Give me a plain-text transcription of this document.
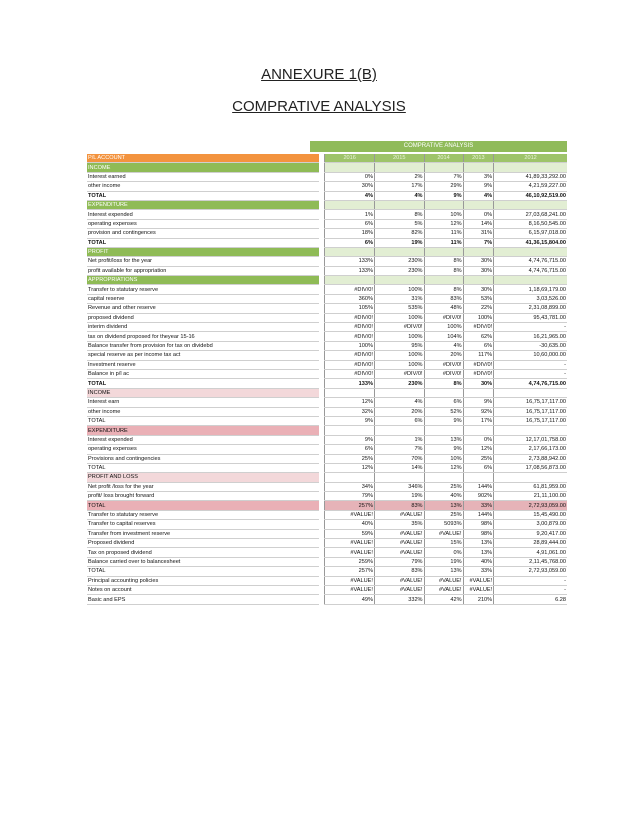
ANNEXURE 1(B)
COMPRATIVE ANALYSIS
COMPRATIVE ANALYSIS
P/L ACCOUNT		2016	2015	2014	2013	2012
INCOME						
Interest earned		0%	2%	7%	3%	41,89,33,292.00
other income		30%	17%	29%	9%	4,21,59,227.00
TOTAL		4%	4%	9%	4%	46,10,92,519.00
EXPENDITURE						
Interest expended		1%	8%	10%	0%	27,03,68,241.00
operating expenses		6%	5%	12%	14%	8,16,50,545.00
provision and contingences		18%	82%	11%	31%	6,15,97,018.00
TOTAL		6%	19%	11%	7%	41,36,15,804.00
PROFIT						
Net profit/loss for the year		133%	230%	8%	30%	4,74,76,715.00
profit available for appropriation		133%	230%	8%	30%	4,74,76,715.00
APPROPRIATIONS						
Transfer to statutary reserve		#DIV/0!	100%	8%	30%	1,18,69,179.00
capital reserve		360%	31%	83%	53%	3,03,526.00
Revenue and other reserve		105%	535%	48%	22%	2,31,08,899.00
proposed dividend		#DIV/0!	100%	#DIV/0!	100%	95,43,781.00
interim dividend		#DIV/0!	#DIV/0!	100%	#DIV/0!	-
tax on dividend proposed for theyear 15-16		#DIV/0!	100%	104%	62%	16,21,965.00
Balance transfer from provision for tax on dividebd		100%	95%	4%	6%	-30,635.00
special reserve as per income tax act		#DIV/0!	100%	20%	117%	10,60,000.00
Investment reserve		#DIV/0!	100%	#DIV/0!	#DIV/0!	-
Balance in p/l ac		#DIV/0!	#DIV/0!	#DIV/0!	#DIV/0!	-
TOTAL		133%	230%	8%	30%	4,74,76,715.00
INCOME						
Interest earn		12%	4%	6%	9%	16,75,17,117.00
other income		32%	20%	52%	92%	16,75,17,117.00
TOTAL		9%	6%	9%	17%	16,75,17,117.00
EXPENDITURE						
Interest expended		9%	1%	13%	0%	12,17,01,758.00
operating expenses		6%	7%	9%	12%	2,17,66,173.00
Provisions and contingencies		25%	70%	10%	25%	2,73,88,942.00
TOTAL		12%	14%	12%	6%	17,08,56,873.00
PROFIT AND LOSS						
Net profit /loss for the year		34%	346%	25%	144%	61,81,959.00
profit/ loss brought forward		79%	19%	40%	902%	21,11,100.00
TOTAL		257%	83%	13%	33%	2,72,93,059.00
Transfer to statutary reserve		#VALUE!	#VALUE!	25%	144%	15,45,490.00
Transfer to capital reserves		40%	35%	5093%	98%	3,00,879.00
Transfer from investment reserve		59%	#VALUE!	#VALUE!	98%	9,20,417.00
Proposed dividend		#VALUE!	#VALUE!	15%	13%	28,89,444.00
Tax on proposed dividend		#VALUE!	#VALUE!	0%	13%	4,91,061.00
Balance carried over to balancesheet		259%	79%	19%	40%	2,11,45,768.00
TOTAL		257%	83%	13%	33%	2,72,93,059.00
Principal accounting policies		#VALUE!	#VALUE!	#VALUE!	#VALUE!	-
Notes on account		#VALUE!	#VALUE!	#VALUE!	#VALUE!	-
Basic and EPS		49%	332%	42%	210%	6.28
